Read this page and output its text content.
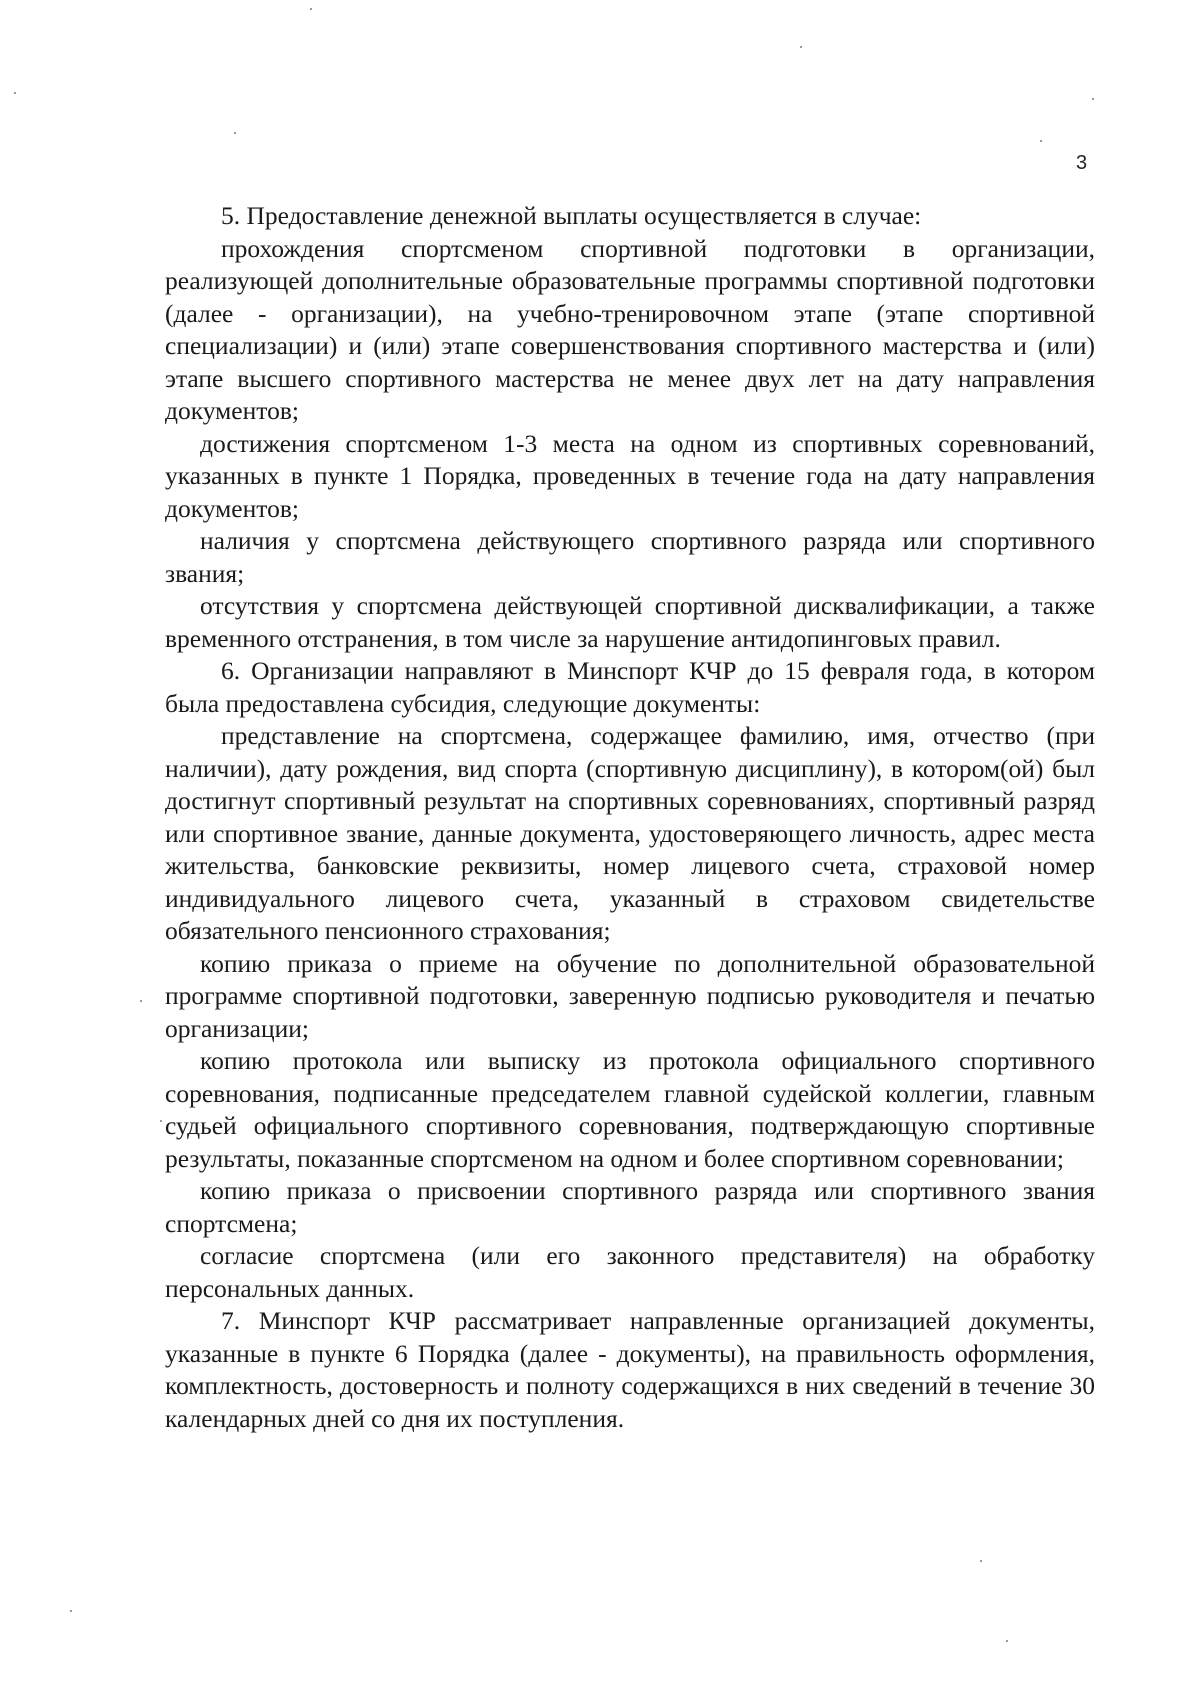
3

5. Предоставление денежной выплаты осуществляется в случае:

прохождения спортсменом спортивной подготовки в организации, реализующей дополнительные образовательные программы спортивной подготовки (далее - организации), на учебно-тренировочном этапе (этапе спортивной специализации) и (или) этапе совершенствования спортивного мастерства и (или) этапе высшего спортивного мастерства не менее двух лет на дату направления документов;

достижения спортсменом 1-3 места на одном из спортивных соревнований, указанных в пункте 1 Порядка, проведенных в течение года на дату направления документов;

наличия у спортсмена действующего спортивного разряда или спортивного звания;

отсутствия у спортсмена действующей спортивной дисквалификации, а также временного отстранения, в том числе за нарушение антидопинговых правил.

6. Организации направляют в Минспорт КЧР до 15 февраля года, в котором была предоставлена субсидия, следующие документы:

представление на спортсмена, содержащее фамилию, имя, отчество (при наличии), дату рождения, вид спорта (спортивную дисциплину), в котором(ой) был достигнут спортивный результат на спортивных соревнованиях, спортивный разряд или спортивное звание, данные документа, удостоверяющего личность, адрес места жительства, банковские реквизиты, номер лицевого счета, страховой номер индивидуального лицевого счета, указанный в страховом свидетельстве обязательного пенсионного страхования;

копию приказа о приеме на обучение по дополнительной образовательной программе спортивной подготовки, заверенную подписью руководителя и печатью организации;

копию протокола или выписку из протокола официального спортивного соревнования, подписанные председателем главной судейской коллегии, главным судьей официального спортивного соревнования, подтверждающую спортивные результаты, показанные спортсменом на одном и более спортивном соревновании;

копию приказа о присвоении спортивного разряда или спортивного звания спортсмена;

согласие спортсмена (или его законного представителя) на обработку персональных данных.

7. Минспорт КЧР рассматривает направленные организацией документы, указанные в пункте 6 Порядка (далее - документы), на правильность оформления, комплектность, достоверность и полноту содержащихся в них сведений в течение 30 календарных дней со дня их поступления.
